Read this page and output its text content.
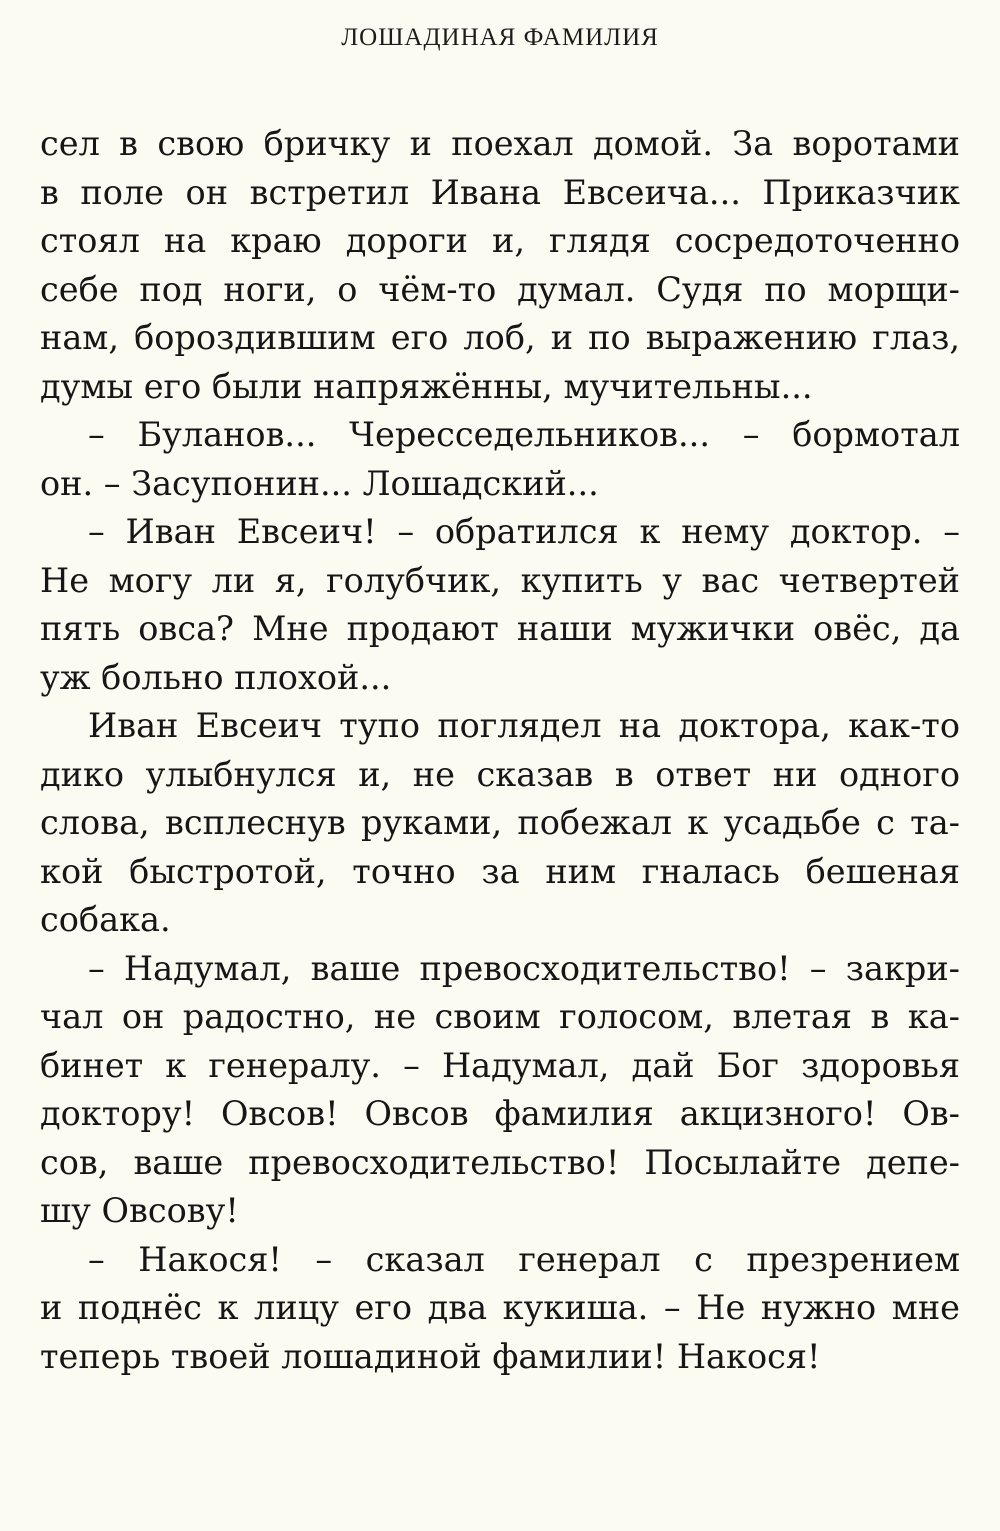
ЛОШАДИНАЯ ФАМИЛИЯ
сел в свою бричку и поехал домой. За воротами
в поле он встретил Ивана Евсеича... Приказчик
стоял на краю дороги и, глядя сосредоточенно
себе под ноги, о чём-то думал. Судя по морщи-
нам, бороздившим его лоб, и по выражению глаз,
думы его были напряжённы, мучительны...
– Буланов... Чересседельников... – бормотал
он. – Засупонин... Лошадский...
– Иван Евсеич! – обратился к нему доктор. –
Не могу ли я, голубчик, купить у вас четвертей
пять овса? Мне продают наши мужички овёс, да
уж больно плохой...
Иван Евсеич тупо поглядел на доктора, как-то
дико улыбнулся и, не сказав в ответ ни одного
слова, всплеснув руками, побежал к усадьбе с та-
кой быстротой, точно за ним гналась бешеная
собака.
– Надумал, ваше превосходительство! – закри-
чал он радостно, не своим голосом, влетая в ка-
бинет к генералу. – Надумал, дай Бог здоровья
доктору! Овсов! Овсов фамилия акцизного! Ов-
сов, ваше превосходительство! Посылайте депе-
шу Овсову!
– Накося! – сказал генерал с презрением
и поднёс к лицу его два кукиша. – Не нужно мне
теперь твоей лошадиной фамилии! Накося!
